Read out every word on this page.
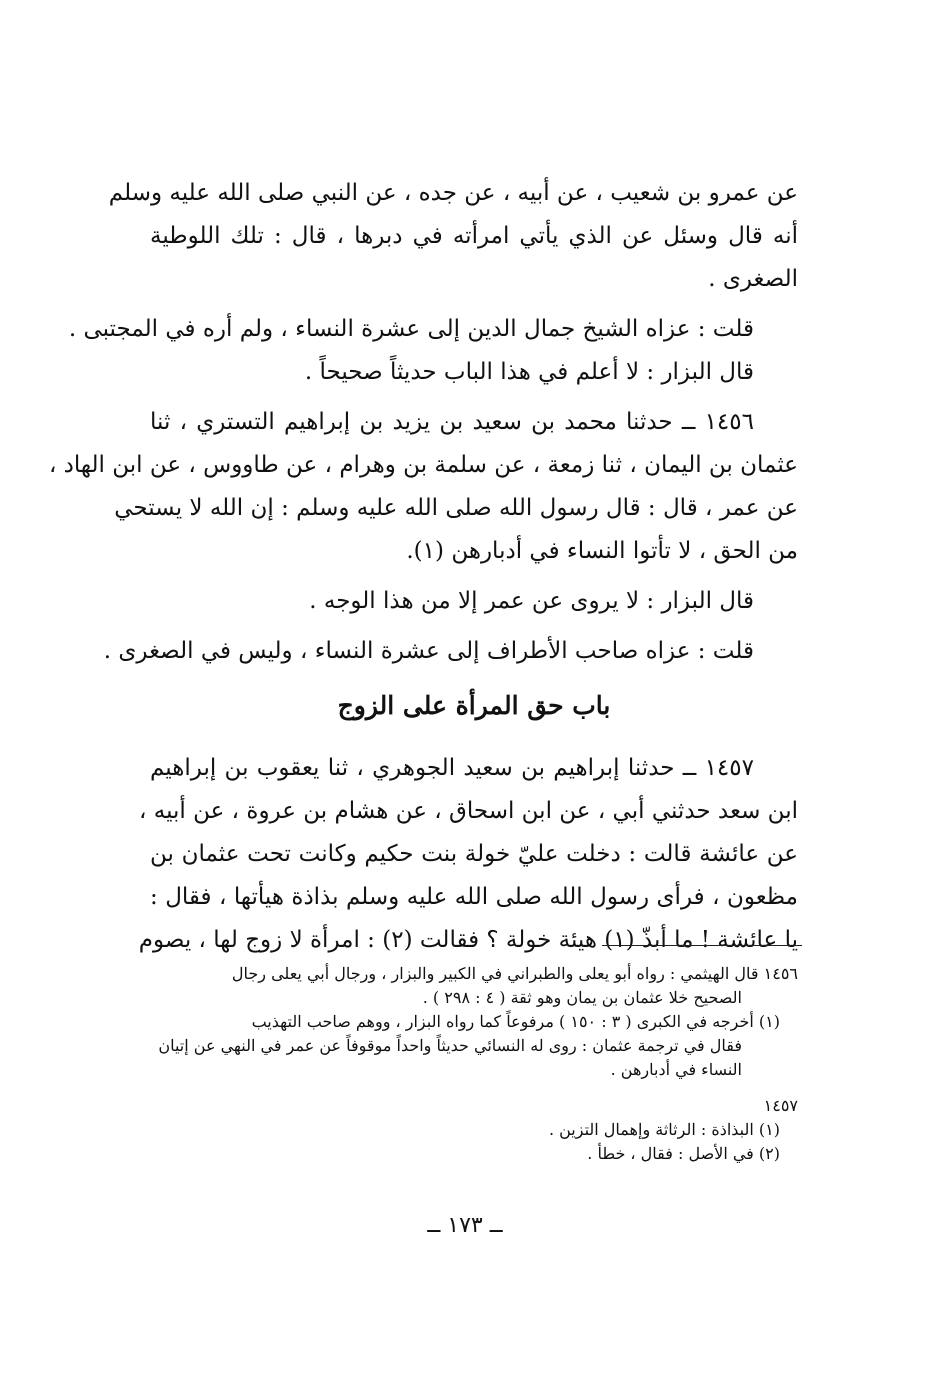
عن عمرو بن شعيب ، عن أبيه ، عن جده ، عن النبي صلى الله عليه وسلم
أنه قال وسئل عن الذي يأتي امرأته في دبرها ، قال : تلك اللوطية
الصغرى .
قلت : عزاه الشيخ جمال الدين إلى عشرة النساء ، ولم أره في المجتبى .
قال البزار : لا أعلم في هذا الباب حديثاً صحيحاً .
١٤٥٦ ــ حدثنا محمد بن سعيد بن يزيد بن إبراهيم التستري ، ثنا
عثمان بن اليمان ، ثنا زمعة ، عن سلمة بن وهرام ، عن طاووس ، عن ابن الهاد ،
عن عمر ، قال : قال رسول الله صلى الله عليه وسلم : إن الله لا يستحي
من الحق ، لا تأتوا النساء في أدبارهن (١).
قال البزار : لا يروى عن عمر إلا من هذا الوجه .
قلت : عزاه صاحب الأطراف إلى عشرة النساء ، وليس في الصغرى .
باب حق المرأة على الزوج
١٤٥٧ ــ حدثنا إبراهيم بن سعيد الجوهري ، ثنا يعقوب بن إبراهيم
ابن سعد حدثني أبي ، عن ابن اسحاق ، عن هشام بن عروة ، عن أبيه ،
عن عائشة قالت : دخلت عليّ خولة بنت حكيم وكانت تحت عثمان بن
مظعون ، فرأى رسول الله صلى الله عليه وسلم بذاذة هيأتها ، فقال :
يا عائشة ! ما أبذّ (١) هيئة خولة ؟ فقالت (٢) : امرأة لا زوج لها ، يصوم
١٤٥٦ قال الهيثمي : رواه أبو يعلى والطبراني في الكبير والبزار ، ورجال أبي يعلى رجال
الصحيح خلا عثمان بن يمان وهو ثقة ( ٤ : ٢٩٨ ) .
(١) أخرجه في الكبرى ( ٣ : ١٥٠ ) مرفوعاً كما رواه البزار ، ووهم صاحب التهذيب
فقال في ترجمة عثمان : روى له النسائي حديثاً واحداً موقوفاً عن عمر في النهي عن إتيان
النساء في أدبارهن .
١٤٥٧
(١) البذاذة : الرثاثة وإهمال التزين .
(٢) في الأصل : فقال ، خطأ .
ــ ١٧٣ ــ
